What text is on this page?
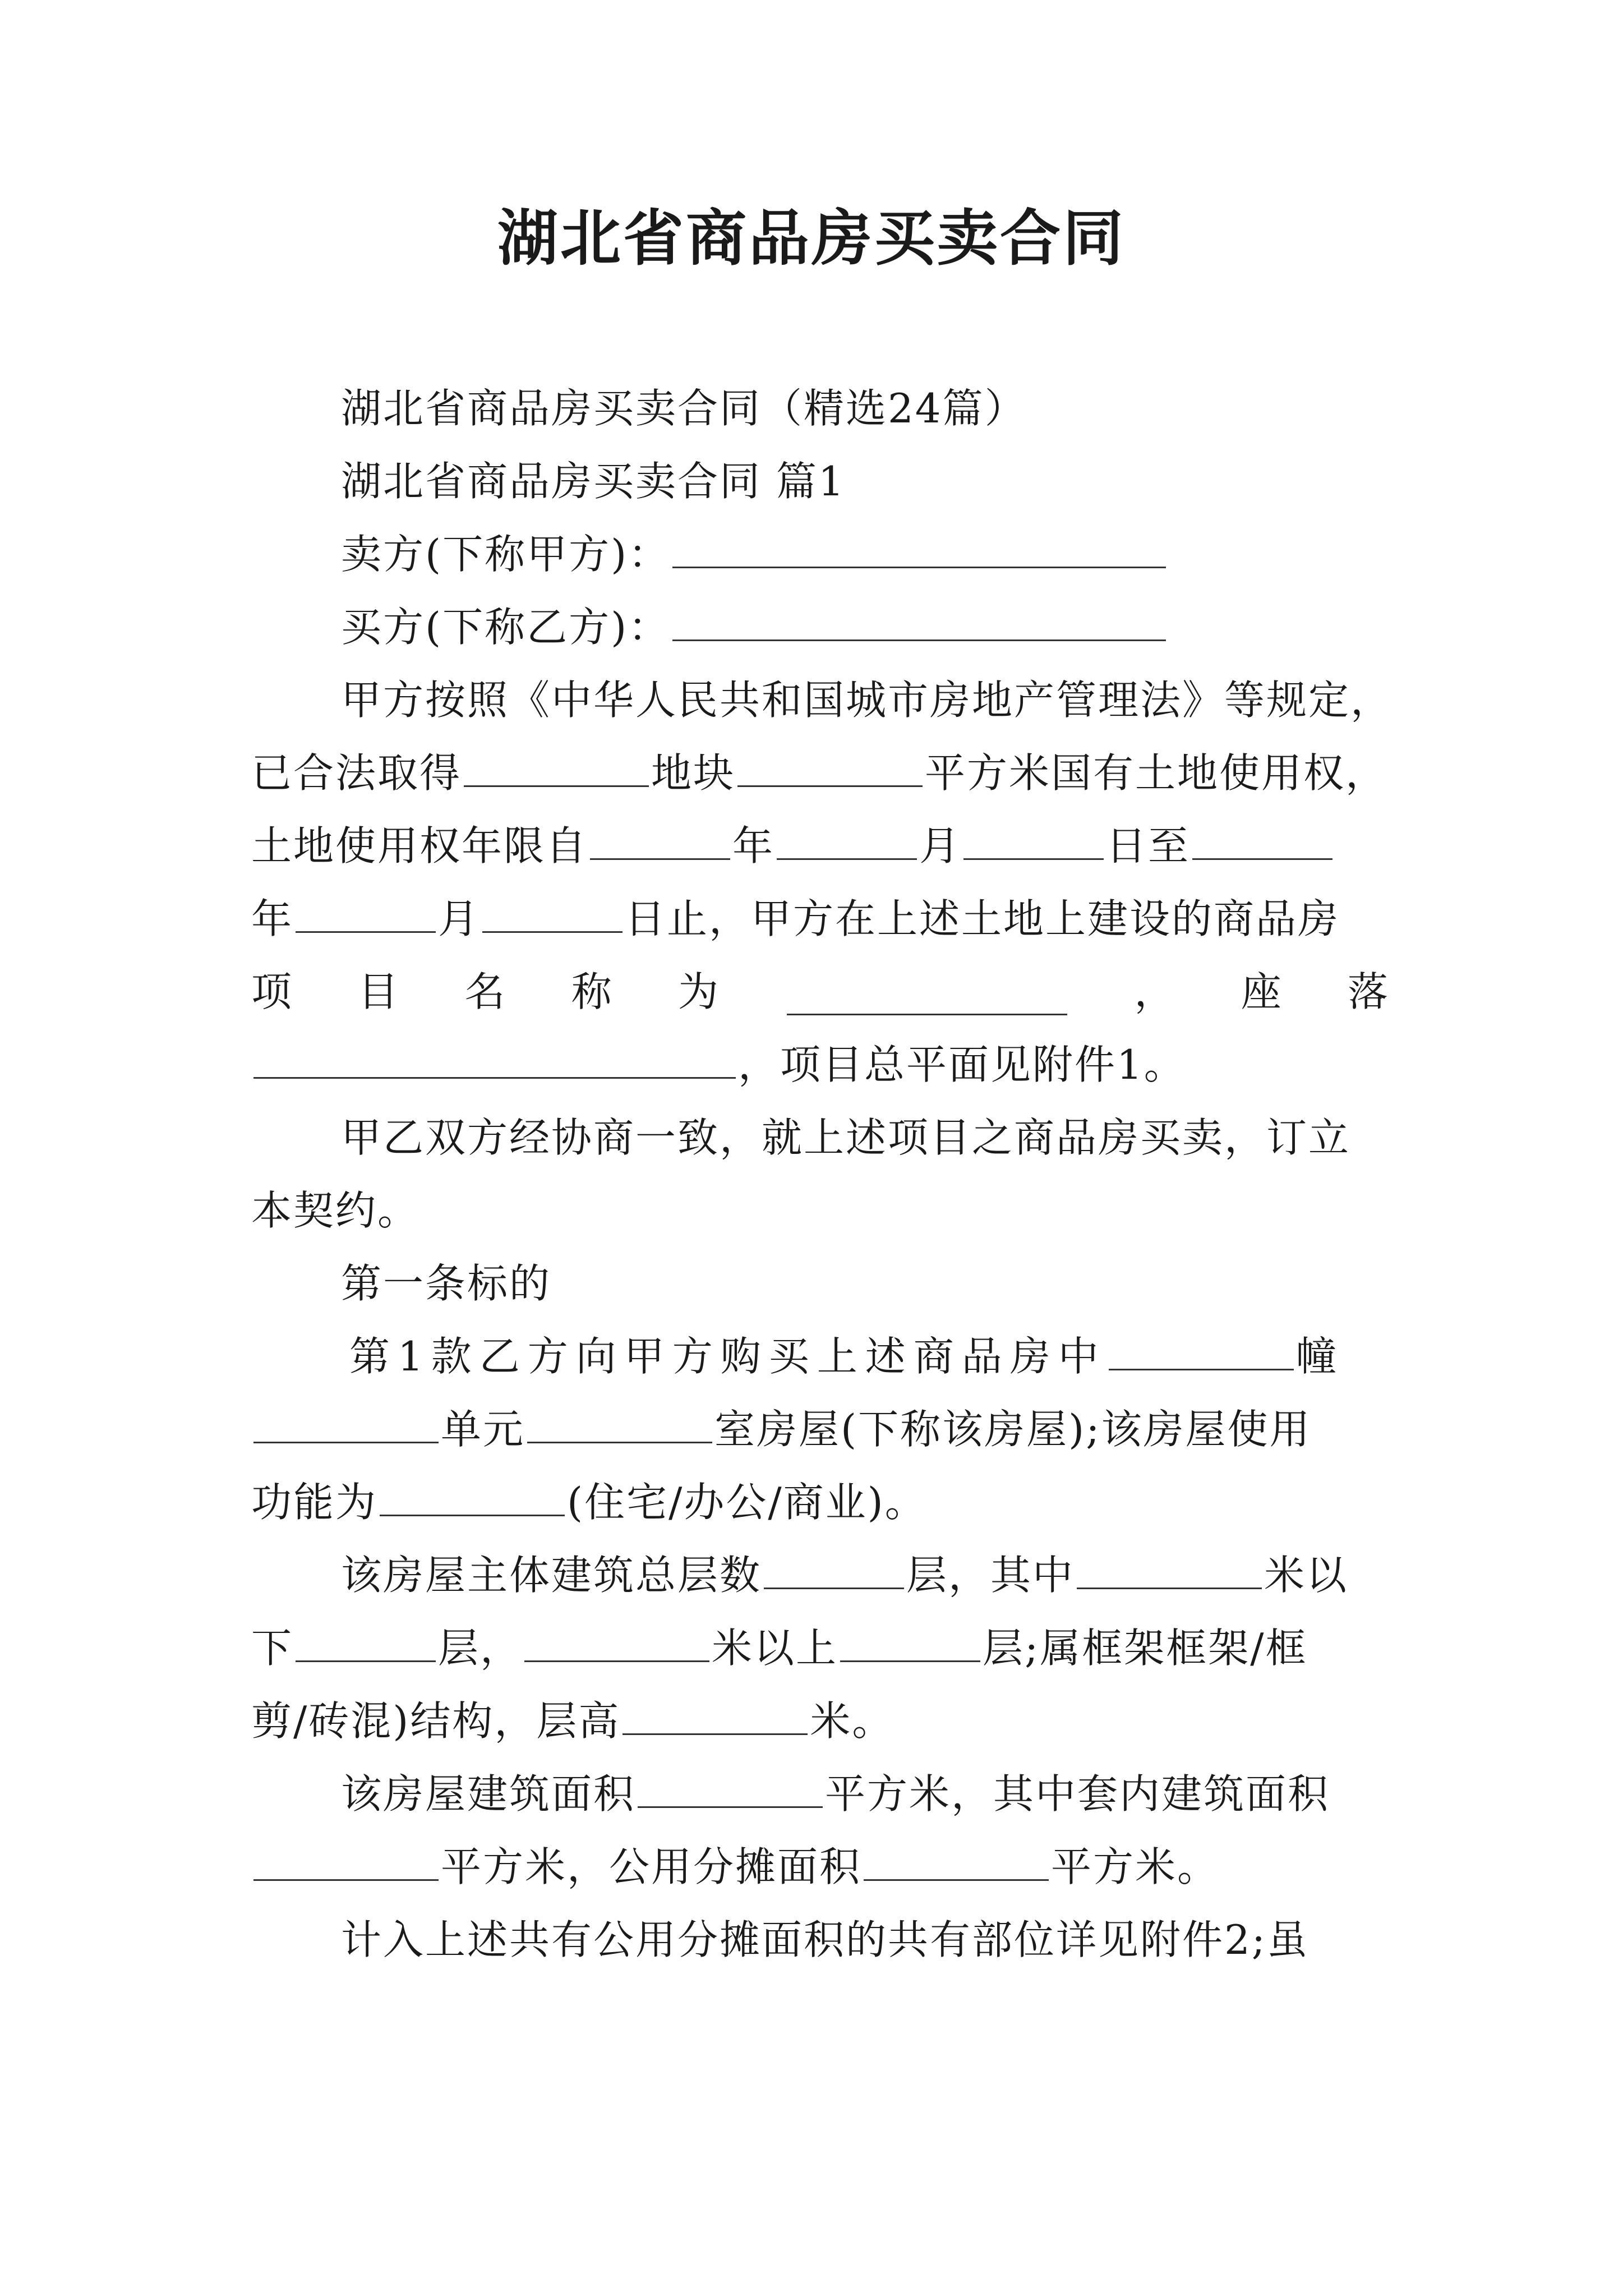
湖北省商品房买卖合同
湖北省商品房买卖合同（精选24篇）
湖北省商品房买卖合同 篇1
卖方(下称甲方)：
买方(下称乙方)：
甲方按照《中华人民共和国城市房地产管理法》等规定，
已合法取得	地块	平方米国有土地使用权，
土地使用权年限自	年	月	日至
年	月	日止，甲方在上述土地上建设的商品房
项 目 名 称 为	， 座 落
，项目总平面见附件1。
甲乙双方经协商一致，就上述项目之商品房买卖，订立
本契约。
第一条标的
第1款乙方向甲方购买上述商品房中	幢
单元	室房屋(下称该房屋);该房屋使用
功能为	(住宅/办公/商业)。
该房屋主体建筑总层数	层，其中	米以
下	层，	米以上	层;属框架框架/框
剪/砖混)结构，层高	米。
该房屋建筑面积	平方米，其中套内建筑面积
平方米，公用分摊面积	平方米。
计入上述共有公用分摊面积的共有部位详见附件2;虽
